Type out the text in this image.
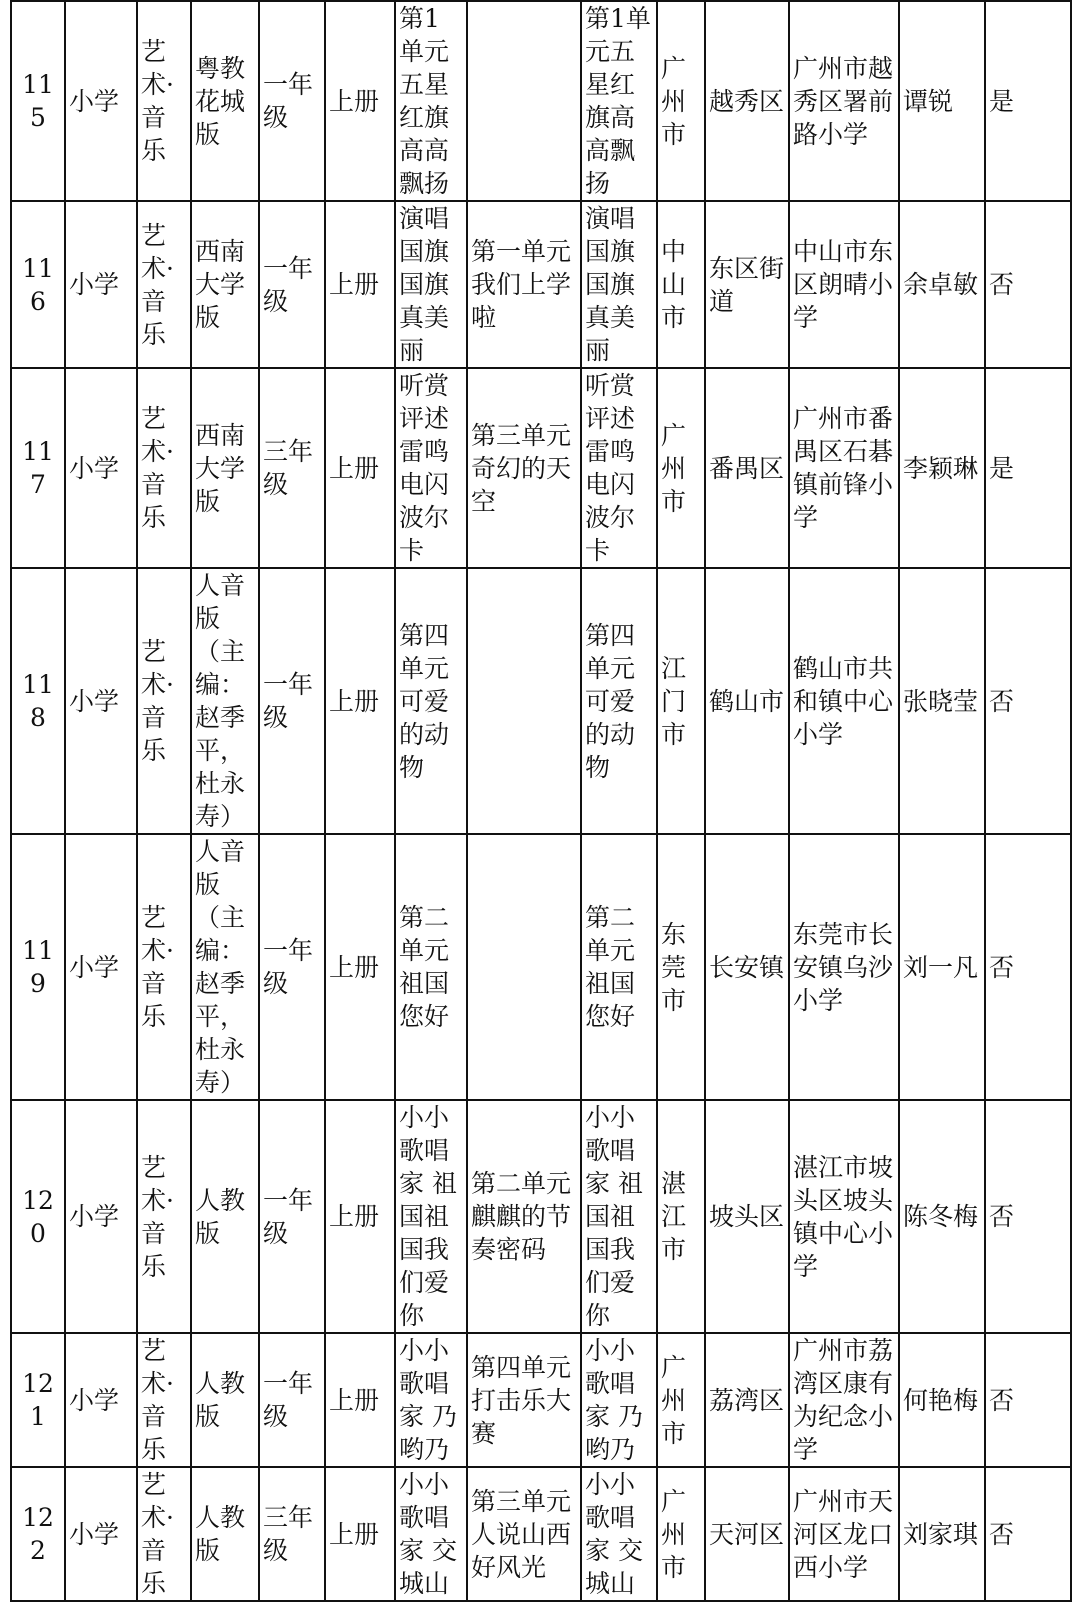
115	小学	艺术·音乐	粤教花城版	一年级	上册	第1单元五星红旗高高飘扬		第1单元五星红旗高高飘扬	广州市	越秀区	广州市越秀区署前路小学	谭锐	是
116	小学	艺术·音乐	西南大学版	一年级	上册	演唱国旗国旗真美丽	第一单元我们上学啦	演唱国旗国旗真美丽	中山市	东区街道	中山市东区朗晴小学	余卓敏	否
117	小学	艺术·音乐	西南大学版	三年级	上册	听赏评述雷鸣电闪波尔卡	第三单元奇幻的天空	听赏评述雷鸣电闪波尔卡	广州市	番禺区	广州市番禺区石碁镇前锋小学	李颖琳	是
118	小学	艺术·音乐	人音版（主编：赵季平，杜永寿）	一年级	上册	第四单元可爱的动物		第四单元可爱的动物	江门市	鹤山市	鹤山市共和镇中心小学	张晓莹	否
119	小学	艺术·音乐	人音版（主编：赵季平，杜永寿）	一年级	上册	第二单元祖国您好		第二单元祖国您好	东莞市	长安镇	东莞市长安镇乌沙小学	刘一凡	否
120	小学	艺术·音乐	人教版	一年级	上册	小小歌唱家 祖国祖国我们爱你	第二单元麒麒的节奏密码	小小歌唱家 祖国祖国我们爱你	湛江市	坡头区	湛江市坡头区坡头镇中心小学	陈冬梅	否
121	小学	艺术·音乐	人教版	一年级	上册	小小歌唱家 乃哟乃	第四单元打击乐大赛	小小歌唱家 乃哟乃	广州市	荔湾区	广州市荔湾区康有为纪念小学	何艳梅	否
122	小学	艺术·音乐	人教版	三年级	上册	小小歌唱家 交城山	第三单元人说山西好风光	小小歌唱家 交城山	广州市	天河区	广州市天河区龙口西小学	刘家琪	否
